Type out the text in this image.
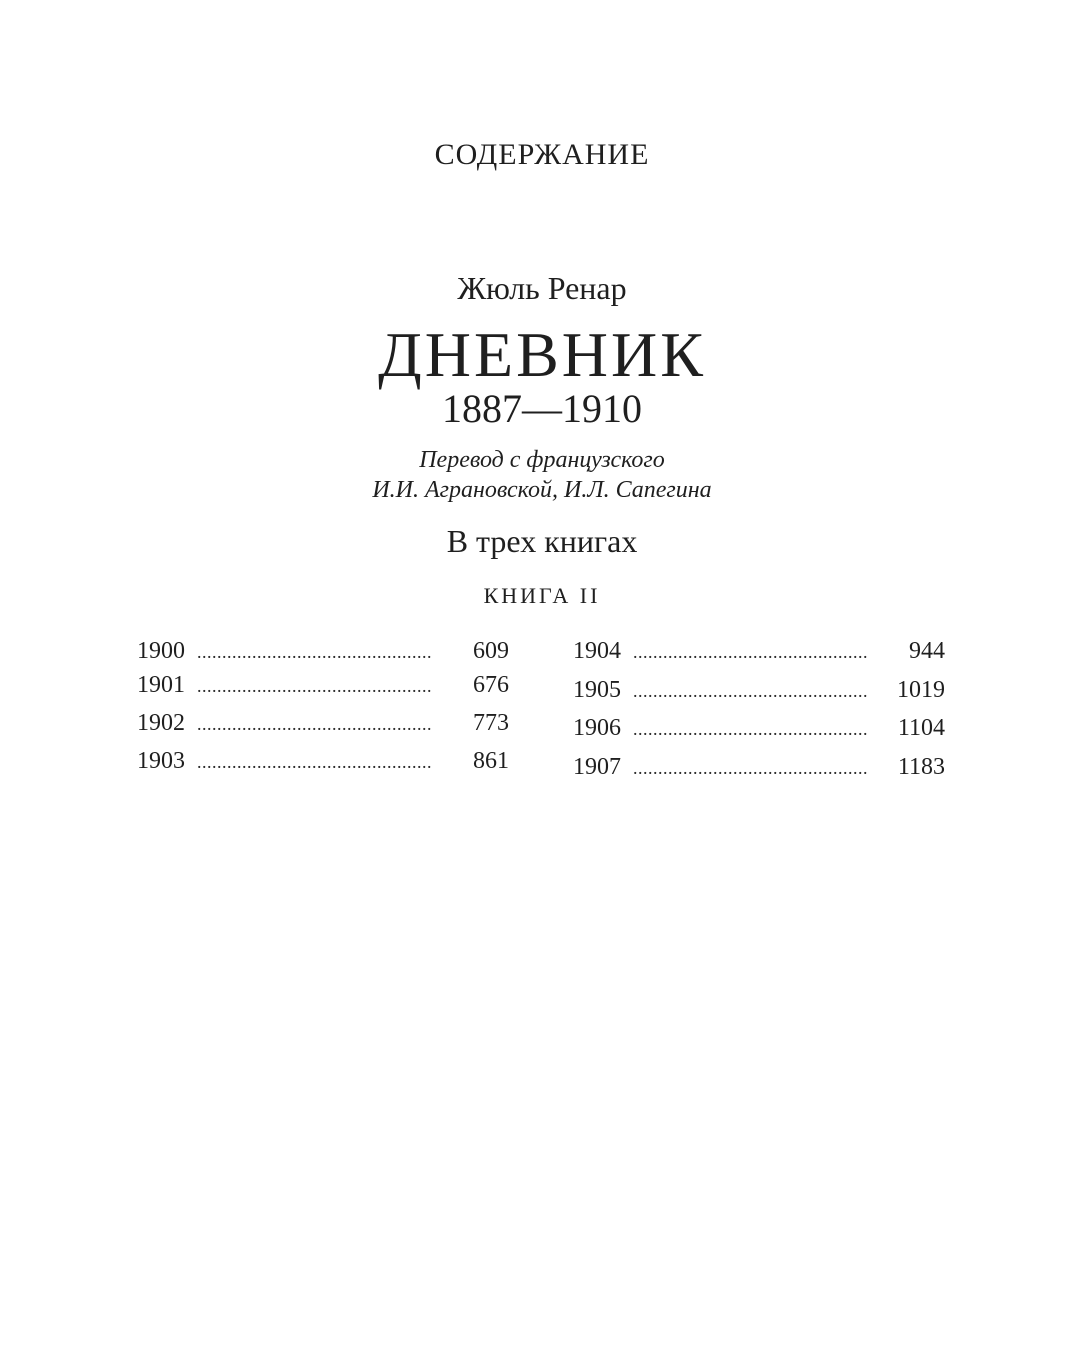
СОДЕРЖАНИЕ
Жюль Ренар
ДНЕВНИК
1887—1910
Перевод с французского
И.И. Аграновской, И.Л. Сапегина
В трех книгах
КНИГА II
1900 .....	609
1901 .....	676
1902 .....	773
1903 .....	861
1904 .....	944
1905 .....	1019
1906 .....	1104
1907 .....	1183
